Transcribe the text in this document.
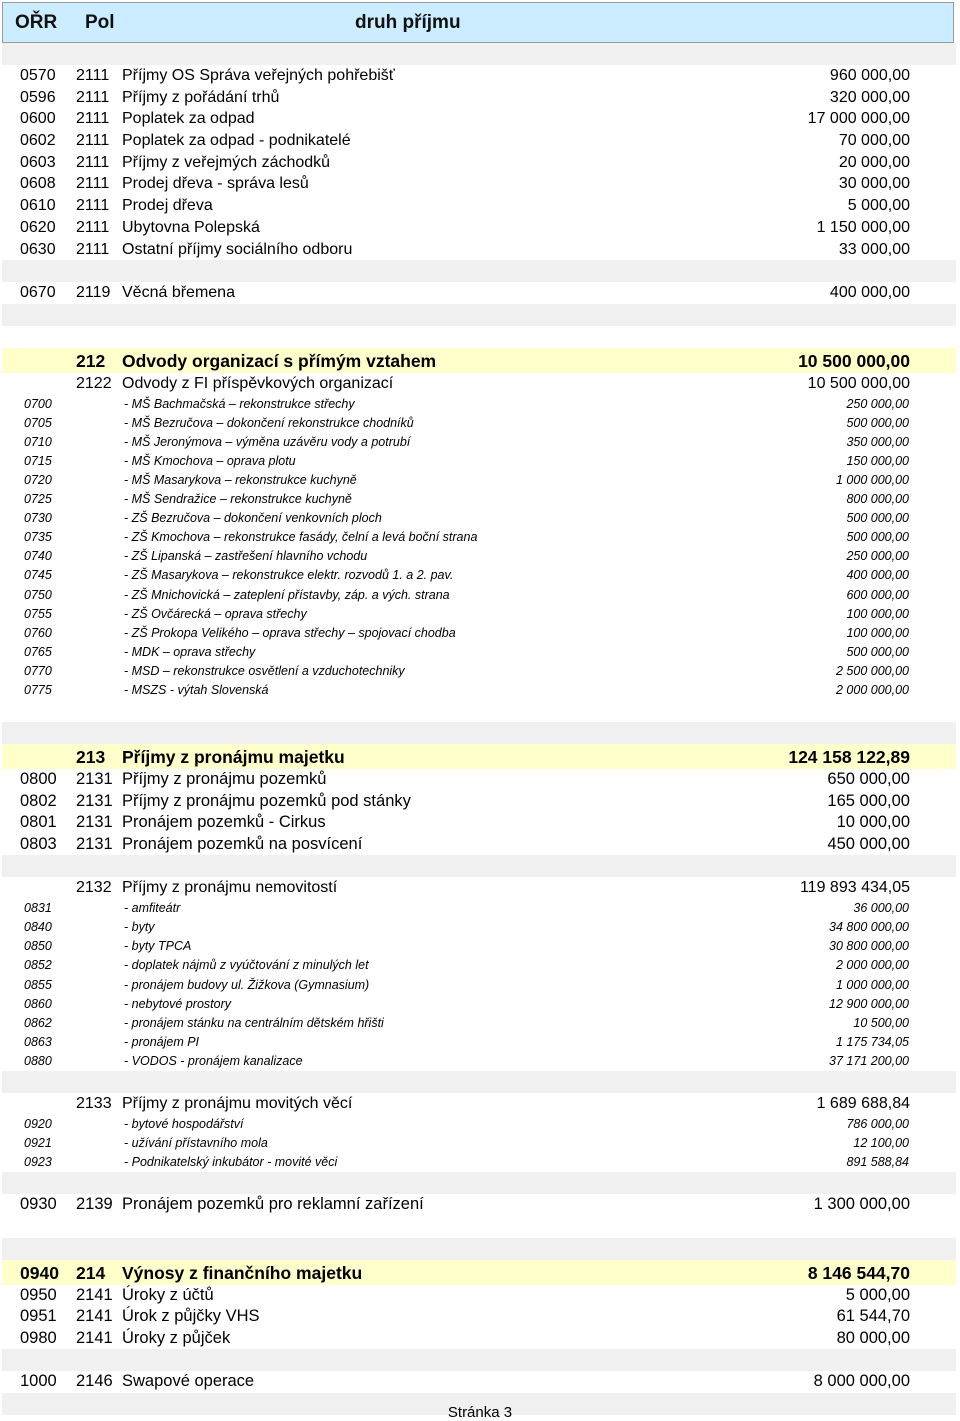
OŘR Pol	druh příjmu
0570 2111 Příjmy OS Správa veřejných pohřebišť	960 000,00
0596 2111 Příjmy z pořádání trhů	320 000,00
0600 2111 Poplatek za odpad	17 000 000,00
0602 2111 Poplatek za odpad - podnikatelé	70 000,00
0603 2111 Příjmy z veřejmých záchodků	20 000,00
0608 2111 Prodej dřeva - správa lesů	30 000,00
0610 2111 Prodej dřeva	5 000,00
0620 2111 Ubytovna Polepská	1 150 000,00
0630 2111 Ostatní příjmy sociálního odboru	33 000,00
0670 2119 Věcná břemena	400 000,00
212 Odvody organizací s přímým vztahem	10 500 000,00
2122 Odvody z FI příspěvkových organizací	10 500 000,00
0700	- MŠ Bachmačská – rekonstrukce střechy	250 000,00
0705	- MŠ Bezručova – dokončení rekonstrukce chodníků	500 000,00
0710	- MŠ Jeronýmova – výměna uzávěru vody a potrubí	350 000,00
0715	- MŠ Kmochova – oprava plotu	150 000,00
0720	- MŠ Masarykova – rekonstrukce kuchyně	1 000 000,00
0725	- MŠ Sendražice – rekonstrukce kuchyně	800 000,00
0730	- ZŠ Bezručova – dokončení venkovních ploch	500 000,00
0735	- ZŠ Kmochova – rekonstrukce fasády, čelní a levá boční strana	500 000,00
0740	- ZŠ Lipanská – zastřešení hlavního vchodu	250 000,00
0745	- ZŠ Masarykova – rekonstrukce elektr. rozvodů 1. a 2. pav.	400 000,00
0750	- ZŠ Mnichovická – zateplení přístavby, záp. a vých. strana	600 000,00
0755	- ZŠ Ovčárecká – oprava střechy	100 000,00
0760	- ZŠ Prokopa Velikého – oprava střechy – spojovací chodba	100 000,00
0765	- MDK – oprava střechy	500 000,00
0770	- MSD – rekonstrukce osvětlení a vzduchotechniky	2 500 000,00
0775	- MSZS - výtah Slovenská	2 000 000,00
213 Příjmy z pronájmu majetku	124 158 122,89
0800 2131 Příjmy z pronájmu pozemků	650 000,00
0802 2131 Příjmy z pronájmu pozemků pod stánky	165 000,00
0801 2131 Pronájem pozemků - Cirkus	10 000,00
0803 2131 Pronájem pozemků na posvícení	450 000,00
2132 Příjmy z pronájmu nemovitostí	119 893 434,05
0831	- amfiteátr	36 000,00
0840	- byty	34 800 000,00
0850	- byty TPCA	30 800 000,00
0852	- doplatek nájmů z vyúčtování z minulých let	2 000 000,00
0855	- pronájem budovy ul. Žižkova (Gymnasium)	1 000 000,00
0860	- nebytové prostory	12 900 000,00
0862	- pronájem stánku na centrálním dětském hřišti	10 500,00
0863	- pronájem PI	1 175 734,05
0880	- VODOS - pronájem kanalizace	37 171 200,00
2133 Příjmy z pronájmu movitých věcí	1 689 688,84
0920	- bytové hospodářství	786 000,00
0921	- užívání přístavního mola	12 100,00
0923	- Podnikatelský inkubátor - movité věci	891 588,84
0930 2139 Pronájem pozemků pro reklamní zařízení	1 300 000,00
0940 214 Výnosy z finančního majetku	8 146 544,70
0950 2141 Úroky z účtů	5 000,00
0951 2141 Úrok z půjčky VHS	61 544,70
0980 2141 Úroky z půjček	80 000,00
1000 2146 Swapové operace	8 000 000,00
Stránka 3
